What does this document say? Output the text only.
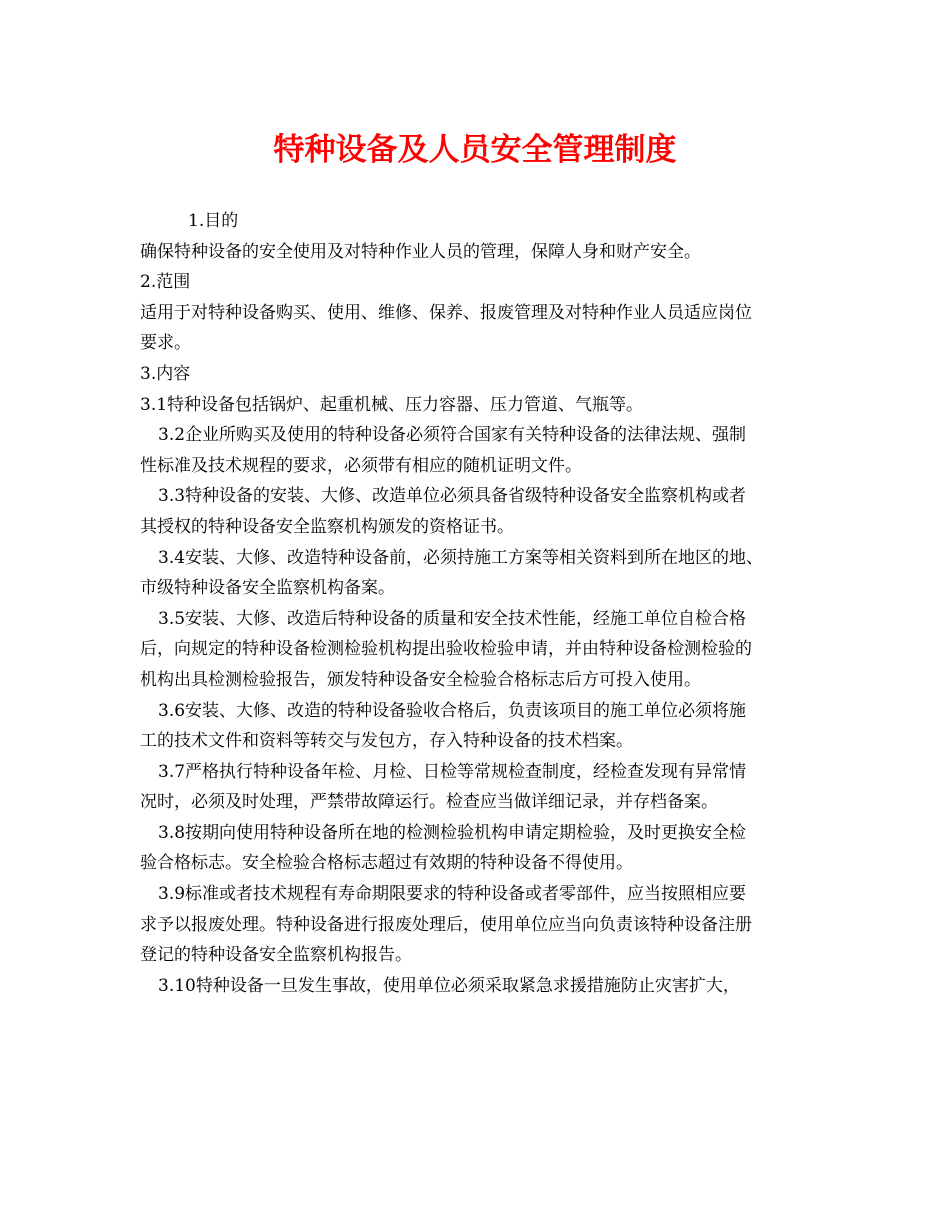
特种设备及人员安全管理制度

1.目的

确保特种设备的安全使用及对特种作业人员的管理，保障人身和财产安全。

2.范围

适用于对特种设备购买、使用、维修、保养、报废管理及对特种作业人员适应岗位
要求。

3.内容

3.1特种设备包括锅炉、起重机械、压力容器、压力管道、气瓶等。

3.2企业所购买及使用的特种设备必须符合国家有关特种设备的法律法规、强制
性标准及技术规程的要求，必须带有相应的随机证明文件。

3.3特种设备的安装、大修、改造单位必须具备省级特种设备安全监察机构或者
其授权的特种设备安全监察机构颁发的资格证书。

3.4安装、大修、改造特种设备前，必须持施工方案等相关资料到所在地区的地、
市级特种设备安全监察机构备案。

3.5安装、大修、改造后特种设备的质量和安全技术性能，经施工单位自检合格
后，向规定的特种设备检测检验机构提出验收检验申请，并由特种设备检测检验的
机构出具检测检验报告，颁发特种设备安全检验合格标志后方可投入使用。

3.6安装、大修、改造的特种设备验收合格后，负责该项目的施工单位必须将施
工的技术文件和资料等转交与发包方，存入特种设备的技术档案。

3.7严格执行特种设备年检、月检、日检等常规检查制度，经检查发现有异常情
况时，必须及时处理，严禁带故障运行。检查应当做详细记录，并存档备案。

3.8按期向使用特种设备所在地的检测检验机构申请定期检验，及时更换安全检
验合格标志。安全检验合格标志超过有效期的特种设备不得使用。

3.9标准或者技术规程有寿命期限要求的特种设备或者零部件，应当按照相应要
求予以报废处理。特种设备进行报废处理后，使用单位应当向负责该特种设备注册
登记的特种设备安全监察机构报告。

3.10特种设备一旦发生事故，使用单位必须采取紧急求援措施防止灾害扩大，
